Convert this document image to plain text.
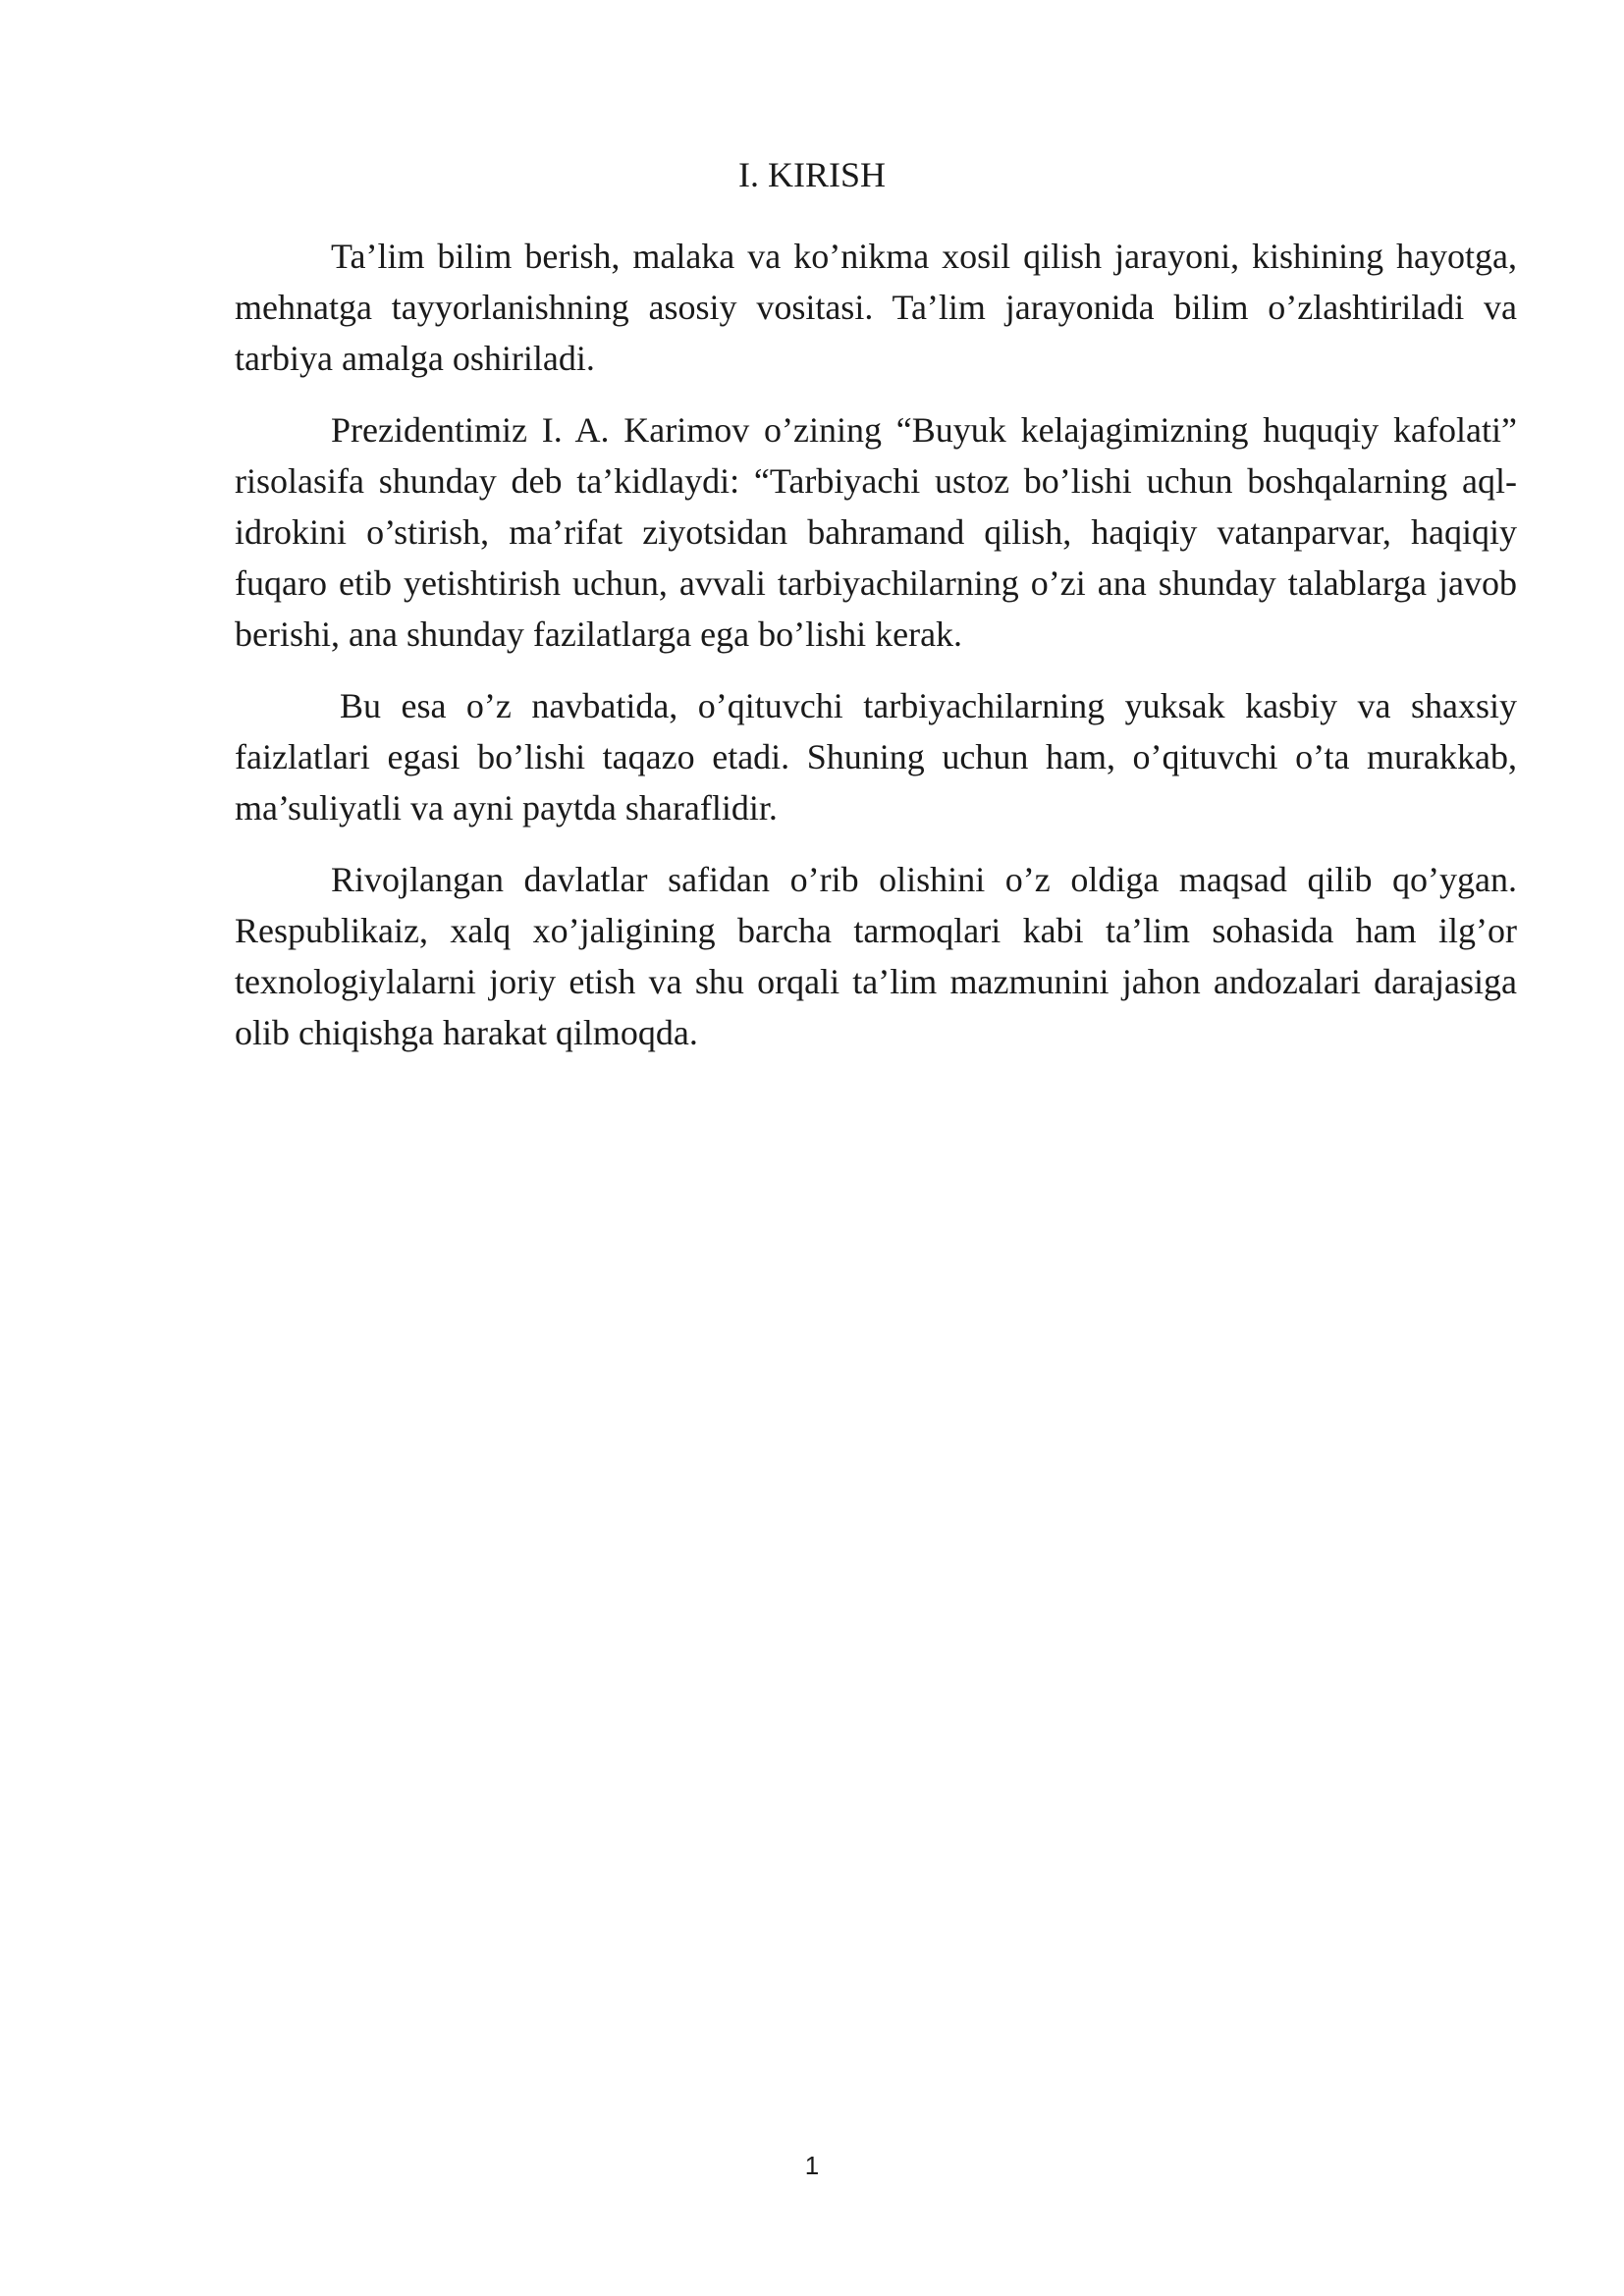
I. KIRISH

Ta’lim bilim berish, malaka va ko’nikma xosil qilish jarayoni, kishining hayotga, mehnatga tayyorlanishning asosiy vositasi. Ta’lim jarayonida bilim o’zlashtiriladi va tarbiya amalga oshiriladi.

Prezidentimiz I. A. Karimov o’zining “Buyuk kelajagimizning huquqiy kafolati” risolasifa shunday deb ta’kidlaydi: “Tarbiyachi ustoz bo’lishi uchun boshqalarning aql-idrokini o’stirish, ma’rifat ziyotsidan bahramand qilish, haqiqiy vatanparvar, haqiqiy fuqaro etib yetishtirish uchun, avvali tarbiyachilarning o’zi ana shunday talablarga javob berishi, ana shunday fazilatlarga ega bo’lishi kerak.

Bu esa o’z navbatida, o’qituvchi tarbiyachilarning yuksak kasbiy va shaxsiy faizlatlari egasi bo’lishi taqazo etadi. Shuning uchun ham, o’qituvchi o’ta murakkab, ma’suliyatli va ayni paytda sharaflidir.

Rivojlangan davlatlar safidan o’rib olishini o’z oldiga maqsad qilib qo’ygan. Respublikaiz, xalq xo’jaligining barcha tarmoqlari kabi ta’lim sohasida ham ilg’or texnologiylalarni joriy etish va shu orqali ta’lim mazmunini jahon andozalari darajasiga olib chiqishga harakat qilmoqda.

1
